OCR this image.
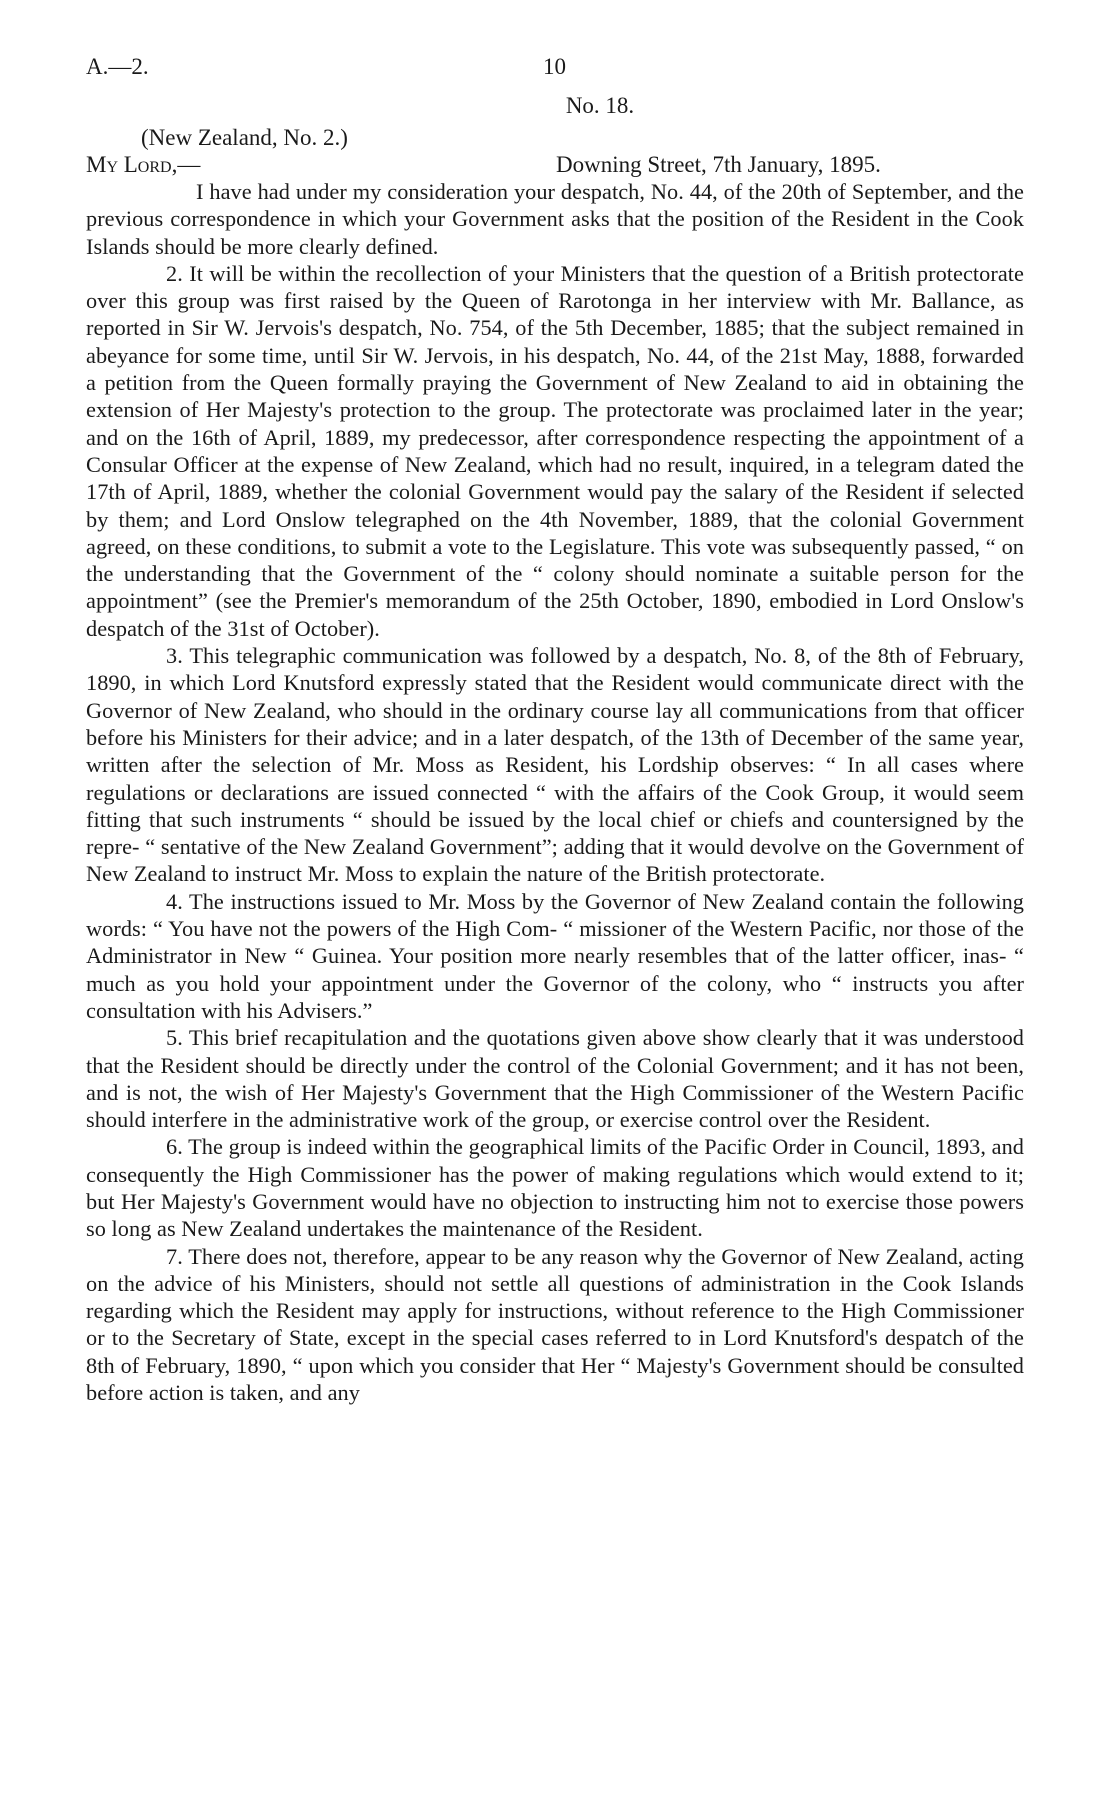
A.—2.	10
No. 18.
(New Zealand, No. 2.)
My Lord,—	Downing Street, 7th January, 1895.

I have had under my consideration your despatch, No. 44, of the 20th of September, and the previous correspondence in which your Government asks that the position of the Resident in the Cook Islands should be more clearly defined.

2. It will be within the recollection of your Ministers that the question of a British protectorate over this group was first raised by the Queen of Rarotonga in her interview with Mr. Ballance, as reported in Sir W. Jervois's despatch, No. 754, of the 5th December, 1885; that the subject remained in abeyance for some time, until Sir W. Jervois, in his despatch, No. 44, of the 21st May, 1888, forwarded a petition from the Queen formally praying the Government of New Zealand to aid in obtaining the extension of Her Majesty's protection to the group. The protectorate was proclaimed later in the year; and on the 16th of April, 1889, my predecessor, after correspondence respecting the appointment of a Consular Officer at the expense of New Zealand, which had no result, inquired, in a telegram dated the 17th of April, 1889, whether the colonial Government would pay the salary of the Resident if selected by them; and Lord Onslow telegraphed on the 4th November, 1889, that the colonial Government agreed, on these conditions, to submit a vote to the Legislature. This vote was subsequently passed, “ on the understanding that the Government of the “ colony should nominate a suitable person for the appointment” (see the Premier's memorandum of the 25th October, 1890, embodied in Lord Onslow's despatch of the 31st of October).

3. This telegraphic communication was followed by a despatch, No. 8, of the 8th of February, 1890, in which Lord Knutsford expressly stated that the Resident would communicate direct with the Governor of New Zealand, who should in the ordinary course lay all communications from that officer before his Ministers for their advice; and in a later despatch, of the 13th of December of the same year, written after the selection of Mr. Moss as Resident, his Lordship observes: “ In all cases where regulations or declarations are issued connected “ with the affairs of the Cook Group, it would seem fitting that such instruments “ should be issued by the local chief or chiefs and countersigned by the repre- “ sentative of the New Zealand Government”; adding that it would devolve on the Government of New Zealand to instruct Mr. Moss to explain the nature of the British protectorate.

4. The instructions issued to Mr. Moss by the Governor of New Zealand contain the following words: “ You have not the powers of the High Com- “ missioner of the Western Pacific, nor those of the Administrator in New “ Guinea. Your position more nearly resembles that of the latter officer, inas- “ much as you hold your appointment under the Governor of the colony, who “ instructs you after consultation with his Advisers.”

5. This brief recapitulation and the quotations given above show clearly that it was understood that the Resident should be directly under the control of the Colonial Government; and it has not been, and is not, the wish of Her Majesty's Government that the High Commissioner of the Western Pacific should interfere in the administrative work of the group, or exercise control over the Resident.

6. The group is indeed within the geographical limits of the Pacific Order in Council, 1893, and consequently the High Commissioner has the power of making regulations which would extend to it; but Her Majesty's Government would have no objection to instructing him not to exercise those powers so long as New Zealand undertakes the maintenance of the Resident.

7. There does not, therefore, appear to be any reason why the Governor of New Zealand, acting on the advice of his Ministers, should not settle all questions of administration in the Cook Islands regarding which the Resident may apply for instructions, without reference to the High Commissioner or to the Secretary of State, except in the special cases referred to in Lord Knutsford's despatch of the 8th of February, 1890, “ upon which you consider that Her “ Majesty's Government should be consulted before action is taken, and any
